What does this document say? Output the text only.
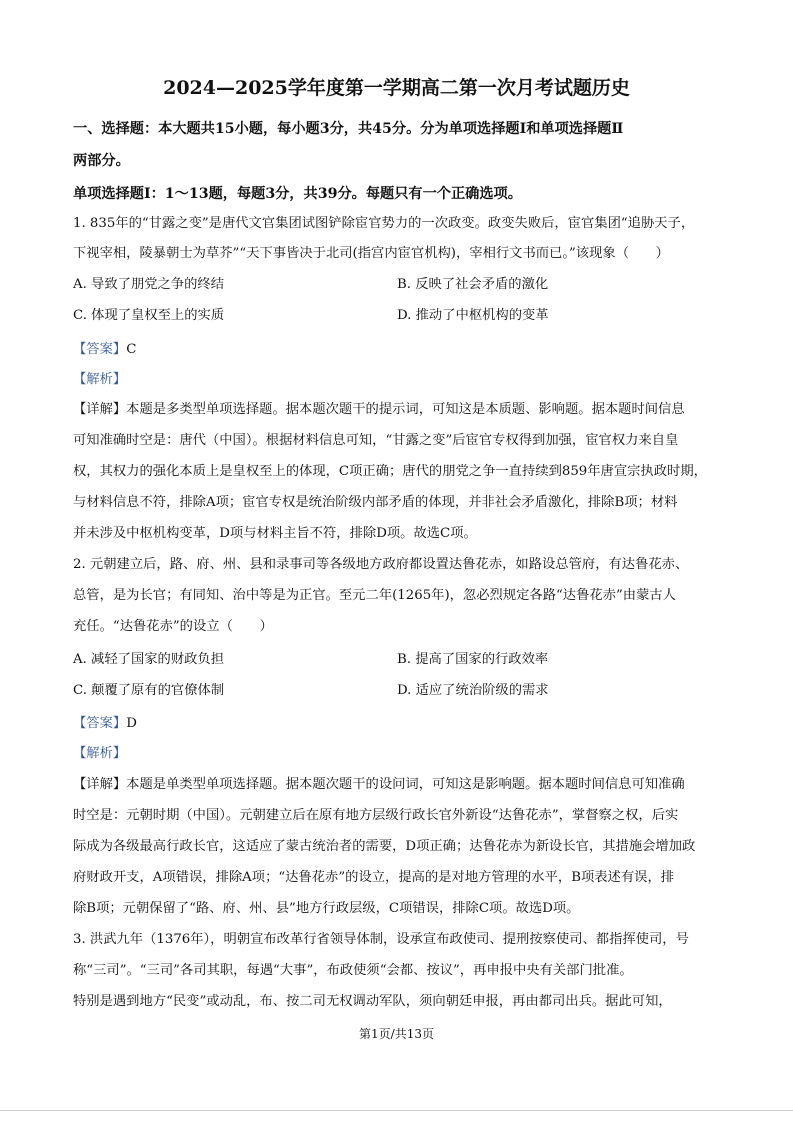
2024—2025学年度第一学期高二第一次月考试题历史
一、选择题：本大题共15小题，每小题3分，共45分。分为单项选择题Ⅰ和单项选择题Ⅱ
两部分。
单项选择题Ⅰ：1～13题，每题3分，共39分。每题只有一个正确选项。
1. 835年的“甘露之变”是唐代文官集团试图铲除宦官势力的一次政变。政变失败后，宦官集团“追胁天子，
下视宰相，陵暴朝士为草芥”“天下事皆决于北司(指宫内宦官机构)，宰相行文书而已。”该现象（　　）
A. 导致了朋党之争的终结	B. 反映了社会矛盾的激化
C. 体现了皇权至上的实质	D. 推动了中枢机构的变革
【答案】C
【解析】
【详解】本题是多类型单项选择题。据本题次题干的提示词，可知这是本质题、影响题。据本题时间信息
可知准确时空是：唐代（中国）。根据材料信息可知，“甘露之变”后宦官专权得到加强，宦官权力来自皇
权，其权力的强化本质上是皇权至上的体现，C项正确；唐代的朋党之争一直持续到859年唐宣宗执政时期，
与材料信息不符，排除A项；宦官专权是统治阶级内部矛盾的体现，并非社会矛盾激化，排除B项；材料
并未涉及中枢机构变革，D项与材料主旨不符，排除D项。故选C项。
2. 元朝建立后，路、府、州、县和录事司等各级地方政府都设置达鲁花赤，如路设总管府，有达鲁花赤、
总管，是为长官；有同知、治中等是为正官。至元二年(1265年)，忽必烈规定各路“达鲁花赤”由蒙古人
充任。“达鲁花赤”的设立（　　）
A. 减轻了国家的财政负担	B. 提高了国家的行政效率
C. 颠覆了原有的官僚体制	D. 适应了统治阶级的需求
【答案】D
【解析】
【详解】本题是单类型单项选择题。据本题次题干的设问词，可知这是影响题。据本题时间信息可知准确
时空是：元朝时期（中国）。元朝建立后在原有地方层级行政长官外新设“达鲁花赤”，掌督察之权，后实
际成为各级最高行政长官，这适应了蒙古统治者的需要，D项正确；达鲁花赤为新设长官，其措施会增加政
府财政开支，A项错误，排除A项；“达鲁花赤”的设立，提高的是对地方管理的水平，B项表述有误，排
除B项；元朝保留了“路、府、州、县”地方行政层级，C项错误，排除C项。故选D项。
3. 洪武九年（1376年），明朝宣布改革行省领导体制，设承宣布政使司、提刑按察使司、都指挥使司，号
称“三司”。“三司”各司其职，每遇“大事”，布政使须“会都、按议”，再申报中央有关部门批准。
特别是遇到地方“民变”或动乱，布、按二司无权调动军队，须向朝廷申报，再由都司出兵。据此可知，
第1页/共13页
